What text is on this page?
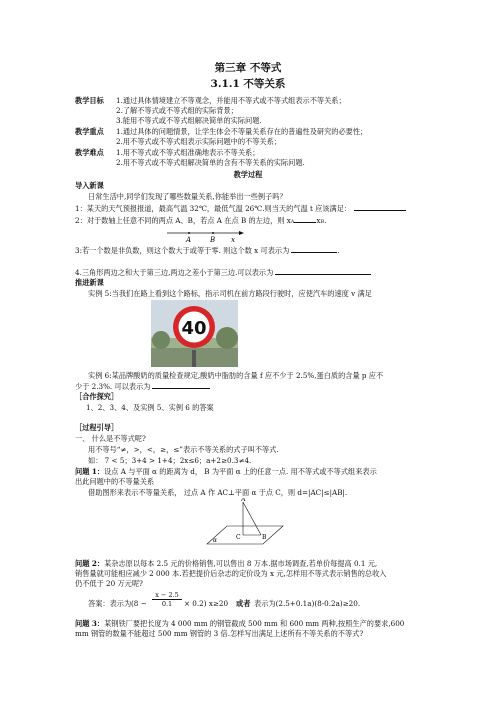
第三章 不等式
3.1.1 不等关系
教学目标 1.通过具体情境建立不等观念，并能用不等式或不等式组表示不等关系；
2.了解不等式或不等式组的实际背景；
3.能用不等式或不等式组解决简单的实际问题.
教学重点 1.通过具体的问题情景，让学生体会不等量关系存在的普遍性及研究的必要性；
2.用不等式或不等式组表示实际问题中的不等关系；
教学难点 1.用不等式或不等式组准确地表示不等关系；
2.用不等式或不等式组解决简单的含有不等关系的实际问题.
教学过程
导入新课
日常生活中,同学们发现了哪些数量关系,你能举出一些例子吗？
1：某天的天气预报报道，最高气温 32℃，最低气温 26℃.则当天的气温 t 应该满足：
2：对于数轴上任意不同的两点 A、B，若点 A 在点 B 的左边，则 xA	xB.
A	B x
3:若一个数是非负数，则这个数大于或等于零. 则这个数 x 可表示为	.
4.三角形两边之和大于第三边,两边之差小于第三边.可以表示为
推进新课
实例 5:当我们在路上看到这个路标，指示司机在前方路段行驶时，应使汽车的速度 v 满足
40
实例 6:某品牌酸奶的质量检查规定,酸奶中脂肪的含量 f 应不少于 2.5%,蛋白质的含量 p 应不
少于 2.3%. 可以表示为
［合作探究］
1、2、3、4、及实例 5、实例 6 的答案
［过程引导］
一、 什么是不等式呢?
用不等号“≠，>，<，≥，≤”表示不等关系的式子叫不等式.
如： 7 < 5；3+4 > 1+4；2x≤6；a+2≥0.3≠4.
问题 1：设点 A 与平面 α 的距离为 d， B 为平面 α 上的任意一点. 用不等式或不等式组来表示
出此问题中的不等量关系
借助图形来表示不等量关系， 过点 A 作 AC⊥平面 α 于点 C，则 d=|AC|≤|AB|.
A
C	B
α
问题 2：某杂志原以每本 2.5 元的价格销售,可以售出 8 万本.据市场调查,若单价每提高 0.1 元,
销售量就可能相应减少 2 000 本.若把提价后杂志的定价设为 x 元,怎样用不等式表示销售的总收入
仍不低于 20 万元呢?
答案：表示为 $(8 - \frac{x - 2.5}{0.1} \times 0.2)$ x≥20 或者 表示为(2.5+0.1a)(8-0.2a)≥20.
问题 3：某钢铁厂要把长度为 4 000 mm 的钢管截成 500 mm 和 600 mm 两种,按照生产的要求,600
mm 钢管的数量不能超过 500 mm 钢管的 3 倍.怎样写出满足上述所有不等关系的不等式?
